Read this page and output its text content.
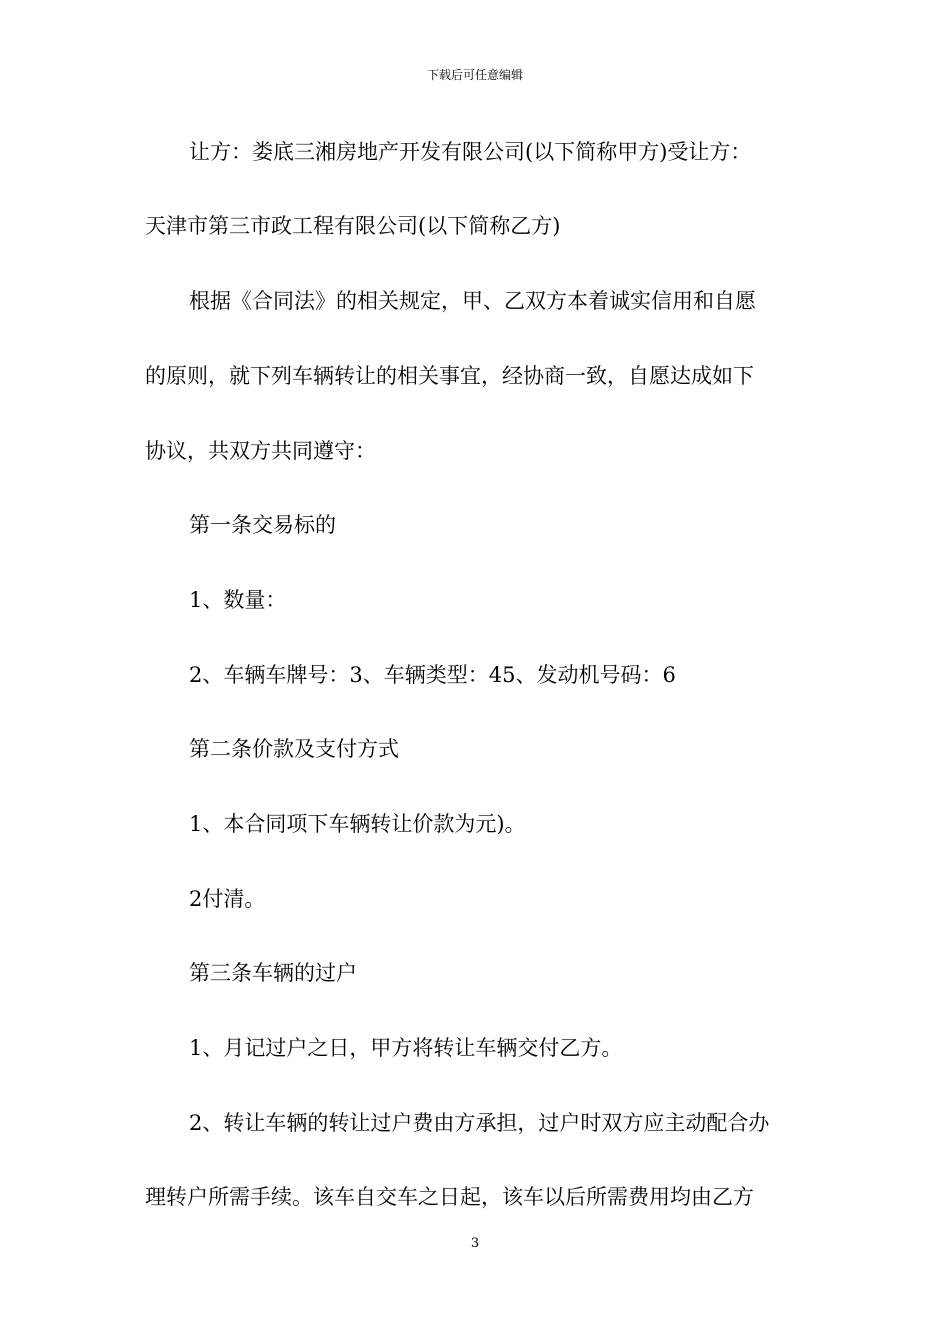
下载后可任意编辑
让方：娄底三湘房地产开发有限公司(以下简称甲方)受让方：
天津市第三市政工程有限公司(以下简称乙方)
根据《合同法》的相关规定，甲、乙双方本着诚实信用和自愿
的原则，就下列车辆转让的相关事宜，经协商一致，自愿达成如下
协议，共双方共同遵守：
第一条交易标的
1、数量：
2、车辆车牌号：3、车辆类型：45、发动机号码：6
第二条价款及支付方式
1、本合同项下车辆转让价款为元)。
2付清。
第三条车辆的过户
1、月记过户之日，甲方将转让车辆交付乙方。
2、转让车辆的转让过户费由方承担，过户时双方应主动配合办
理转户所需手续。该车自交车之日起，该车以后所需费用均由乙方
3
